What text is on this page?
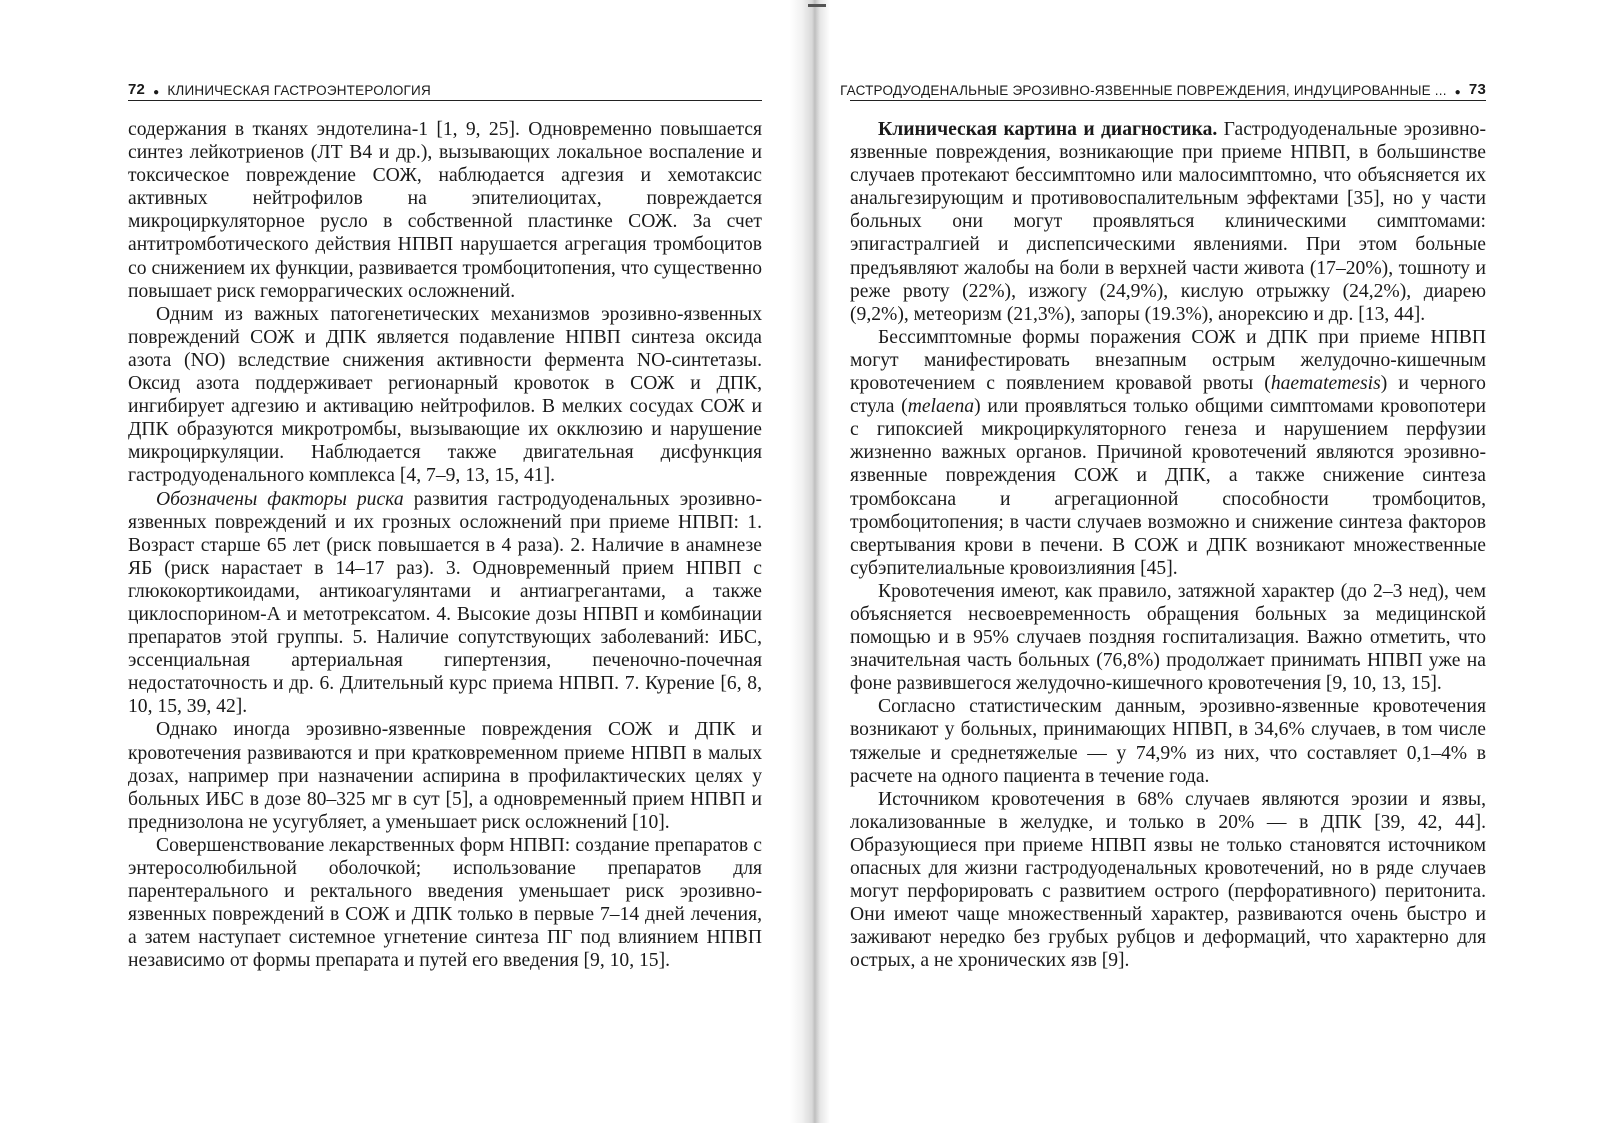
72 ● КЛИНИЧЕСКАЯ ГАСТРОЭНТЕРОЛОГИЯ

содержания в тканях эндотелина-1 [1, 9, 25]. Одновременно повышается синтез лейкотриенов (ЛТ B4 и др.), вызывающих локальное воспаление и токсическое повреждение СОЖ, наблюдается адгезия и хемотаксис активных нейтрофилов на эпителиоцитах, повреждается микроциркуляторное русло в собственной пластинке СОЖ. За счет антитромботического действия НПВП нарушается агрегация тромбоцитов со снижением их функции, развивается тромбоцитопения, что существенно повышает риск геморрагических осложнений.

Одним из важных патогенетических механизмов эрозивно-язвенных повреждений СОЖ и ДПК является подавление НПВП синтеза оксида азота (NO) вследствие снижения активности фермента NO-синтетазы. Оксид азота поддерживает регионарный кровоток в СОЖ и ДПК, ингибирует адгезию и активацию нейтрофилов. В мелких сосудах СОЖ и ДПК образуются микротромбы, вызывающие их окклюзию и нарушение микроциркуляции. Наблюдается также двигательная дисфункция гастродуоденального комплекса [4, 7–9, 13, 15, 41].

Обозначены факторы риска развития гастродуоденальных эрозивно-язвенных повреждений и их грозных осложнений при приеме НПВП: 1. Возраст старше 65 лет (риск повышается в 4 раза). 2. Наличие в анамнезе ЯБ (риск нарастает в 14–17 раз). 3. Одновременный прием НПВП с глюкокортикоидами, антикоагулянтами и антиагрегантами, а также циклоспорином-А и метотрексатом. 4. Высокие дозы НПВП и комбинации препаратов этой группы. 5. Наличие сопутствующих заболеваний: ИБС, эссенциальная артериальная гипертензия, печеночно-почечная недостаточность и др. 6. Длительный курс приема НПВП. 7. Курение [6, 8, 10, 15, 39, 42].

Однако иногда эрозивно-язвенные повреждения СОЖ и ДПК и кровотечения развиваются и при кратковременном приеме НПВП в малых дозах, например при назначении аспирина в профилактических целях у больных ИБС в дозе 80–325 мг в сут [5], а одновременный прием НПВП и преднизолона не усугубляет, а уменьшает риск осложнений [10].

Совершенствование лекарственных форм НПВП: создание препаратов с энтеросолюбильной оболочкой; использование препаратов для парентерального и ректального введения уменьшает риск эрозивно-язвенных повреждений в СОЖ и ДПК только в первые 7–14 дней лечения, а затем наступает системное угнетение синтеза ПГ под влиянием НПВП независимо от формы препарата и путей его введения [9, 10, 15].

ГАСТРОДУОДЕНАЛЬНЫЕ ЭРОЗИВНО-ЯЗВЕННЫЕ ПОВРЕЖДЕНИЯ, ИНДУЦИРОВАННЫЕ ... ● 73

Клиническая картина и диагностика. Гастродуоденальные эрозивно-язвенные повреждения, возникающие при приеме НПВП, в большинстве случаев протекают бессимптомно или малосимптомно, что объясняется их анальгезирующим и противовоспалительным эффектами [35], но у части больных они могут проявляться клиническими симптомами: эпигастралгией и диспепсическими явлениями. При этом больные предъявляют жалобы на боли в верхней части живота (17–20%), тошноту и реже рвоту (22%), изжогу (24,9%), кислую отрыжку (24,2%), диарею (9,2%), метеоризм (21,3%), запоры (19.3%), анорексию и др. [13, 44].

Бессимптомные формы поражения СОЖ и ДПК при приеме НПВП могут манифестировать внезапным острым желудочно-кишечным кровотечением с появлением кровавой рвоты (haematemesis) и черного стула (melaena) или проявляться только общими симптомами кровопотери с гипоксией микроциркуляторного генеза и нарушением перфузии жизненно важных органов. Причиной кровотечений являются эрозивно-язвенные повреждения СОЖ и ДПК, а также снижение синтеза тромбоксана и агрегационной способности тромбоцитов, тромбоцитопения; в части случаев возможно и снижение синтеза факторов свертывания крови в печени. В СОЖ и ДПК возникают множественные субэпителиальные кровоизлияния [45].

Кровотечения имеют, как правило, затяжной характер (до 2–3 нед), чем объясняется несвоевременность обращения больных за медицинской помощью и в 95% случаев поздняя госпитализация. Важно отметить, что значительная часть больных (76,8%) продолжает принимать НПВП уже на фоне развившегося желудочно-кишечного кровотечения [9, 10, 13, 15].

Согласно статистическим данным, эрозивно-язвенные кровотечения возникают у больных, принимающих НПВП, в 34,6% случаев, в том числе тяжелые и среднетяжелые — у 74,9% из них, что составляет 0,1–4% в расчете на одного пациента в течение года.

Источником кровотечения в 68% случаев являются эрозии и язвы, локализованные в желудке, и только в 20% — в ДПК [39, 42, 44]. Образующиеся при приеме НПВП язвы не только становятся источником опасных для жизни гастродуоденальных кровотечений, но в ряде случаев могут перфорировать с развитием острого (перфоративного) перитонита. Они имеют чаще множественный характер, развиваются очень быстро и заживают нередко без грубых рубцов и деформаций, что характерно для острых, а не хронических язв [9].
